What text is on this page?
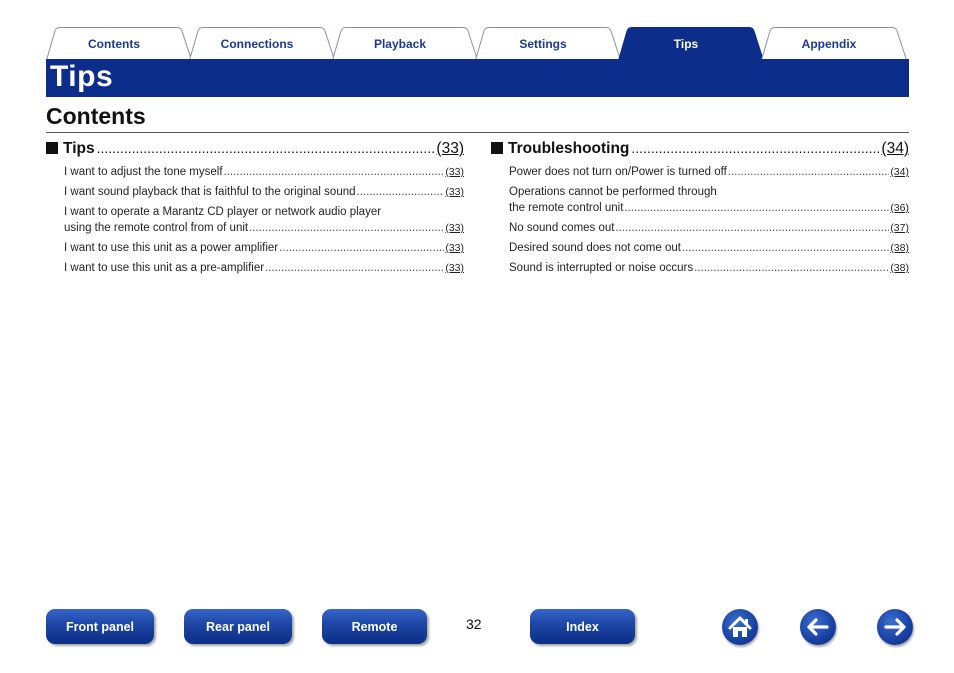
Contents	Connections	Playback	Settings	Tips	Appendix
Tips
Contents
Tips .....	(33)
I want to adjust the tone myself .....	(33)
I want sound playback that is faithful to the original sound .....	(33)
I want to operate a Marantz CD player or network audio player
using the remote control from of unit .....	(33)
I want to use this unit as a power amplifier .....	(33)
I want to use this unit as a pre-amplifier .....	(33)
Troubleshooting .....	(34)
Power does not turn on/Power is turned off .....	(34)
Operations cannot be performed through
the remote control unit .....	(36)
No sound comes out .....	(37)
Desired sound does not come out .....	(38)
Sound is interrupted or noise occurs .....	(38)
Front panel	Rear panel	Remote	32	Index
